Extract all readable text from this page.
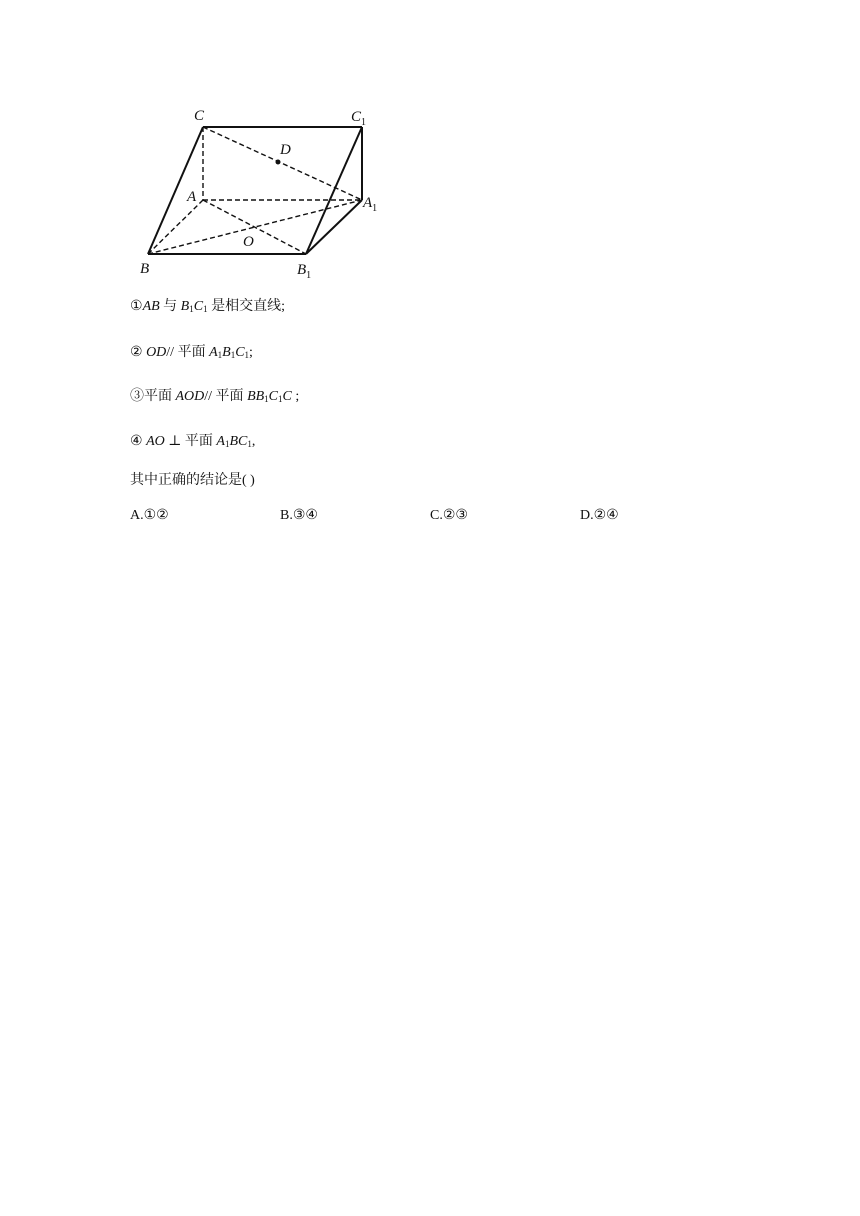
C	$C_1$
D
A	$A_1$
O
B	$B_1$
①AB 与 B1C1 是相交直线;
② OD// 平面 A1B1C1;
③平面 AOD// 平面 BB1C1C ;
④ AO ⊥ 平面 A1BC1,
其中正确的结论是( )
A.①②	B.③④	C.②③	D.②④
